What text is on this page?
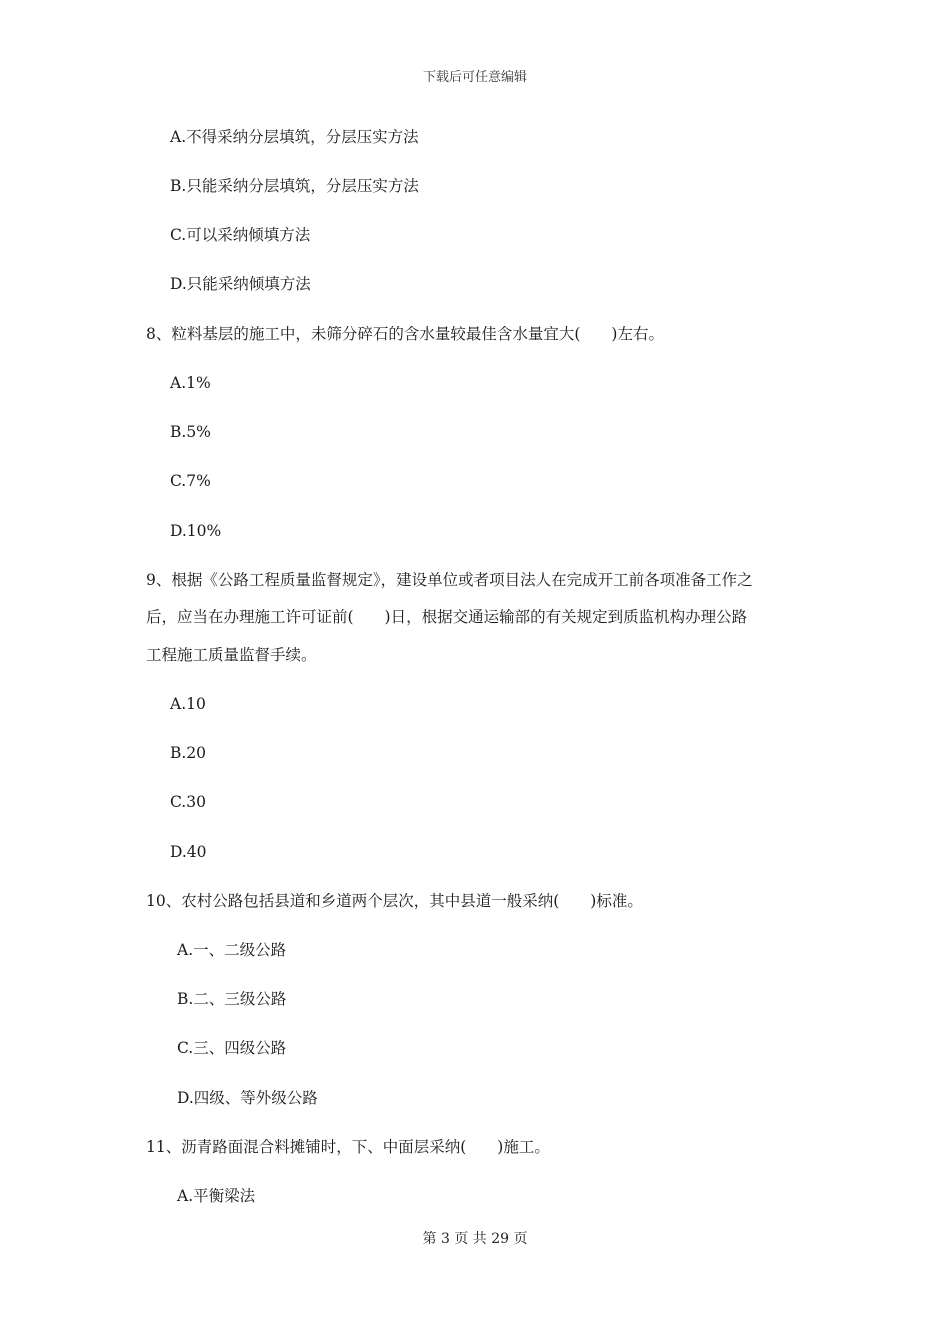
下载后可任意编辑
A.不得采纳分层填筑，分层压实方法
B.只能采纳分层填筑，分层压实方法
C.可以采纳倾填方法
D.只能采纳倾填方法
8、粒料基层的施工中，未筛分碎石的含水量较最佳含水量宜大(　　)左右。
A.1%
B.5%
C.7%
D.10%
9、根据《公路工程质量监督规定》，建设单位或者项目法人在完成开工前各项准备工作之
后，应当在办理施工许可证前(　　)日，根据交通运输部的有关规定到质监机构办理公路
工程施工质量监督手续。
A.10
B.20
C.30
D.40
10、农村公路包括县道和乡道两个层次，其中县道一般采纳(　　)标准。
A.一、二级公路
B.二、三级公路
C.三、四级公路
D.四级、等外级公路
11、沥青路面混合料摊铺时，下、中面层采纳(　　)施工。
A.平衡梁法
第 3 页 共 29 页
